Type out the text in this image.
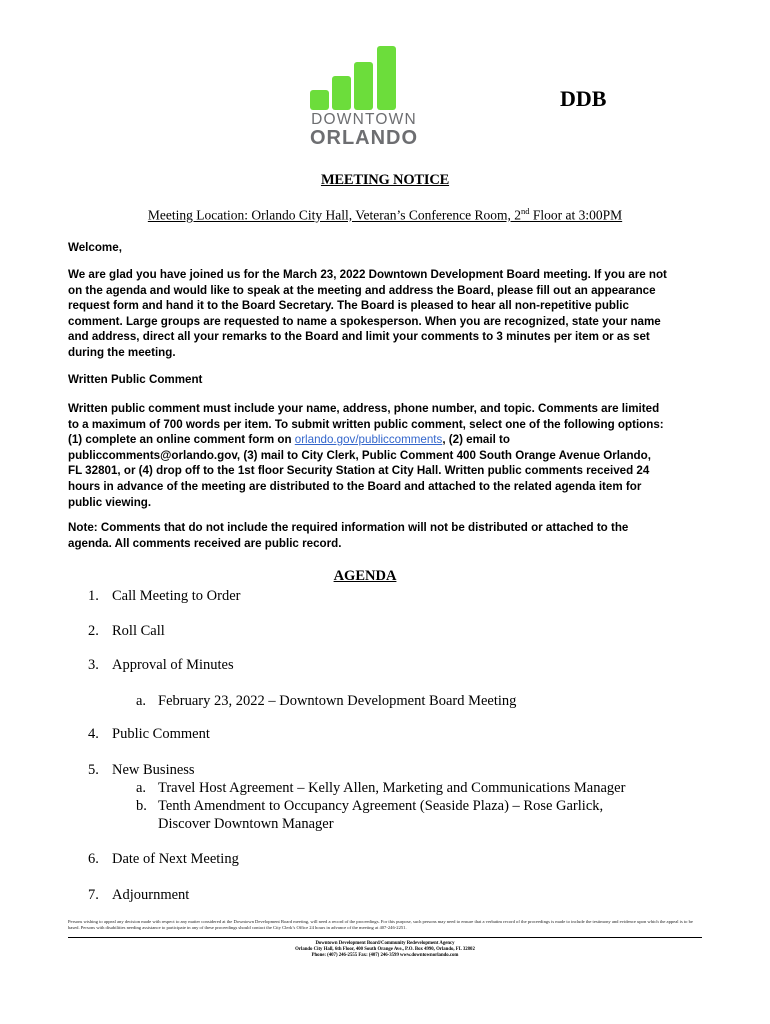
DOWNTOWN
ORLANDO
DDB
MEETING NOTICE
Meeting Location: Orlando City Hall, Veteran’s Conference Room, 2nd Floor at 3:00PM

Welcome,

We are glad you have joined us for the March 23, 2022 Downtown Development Board meeting. If you are not on the agenda and would like to speak at the meeting and address the Board, please fill out an appearance request form and hand it to the Board Secretary. The Board is pleased to hear all non-repetitive public comment. Large groups are requested to name a spokesperson. When you are recognized, state your name and address, direct all your remarks to the Board and limit your comments to 3 minutes per item or as set during the meeting.

Written Public Comment

Written public comment must include your name, address, phone number, and topic. Comments are limited to a maximum of 700 words per item. To submit written public comment, select one of the following options: (1) complete an online comment form on orlando.gov/publiccomments, (2) email to publiccomments@orlando.gov, (3) mail to City Clerk, Public Comment 400 South Orange Avenue Orlando, FL 32801, or (4) drop off to the 1st floor Security Station at City Hall. Written public comments received 24 hours in advance of the meeting are distributed to the Board and attached to the related agenda item for public viewing.

Note: Comments that do not include the required information will not be distributed or attached to the agenda. All comments received are public record.

AGENDA
1. Call Meeting to Order
2. Roll Call
3. Approval of Minutes
a. February 23, 2022 – Downtown Development Board Meeting
4. Public Comment
5. New Business
a. Travel Host Agreement – Kelly Allen, Marketing and Communications Manager
b. Tenth Amendment to Occupancy Agreement (Seaside Plaza) – Rose Garlick,
Discover Downtown Manager
6. Date of Next Meeting
7. Adjournment
Persons wishing to appeal any decision made with respect to any matter considered at the Downtown Development Board meeting, will need a record of the proceedings. For this purpose, such persons may need to ensure that a verbatim record of the proceedings is made to include the testimony and evidence upon which the appeal is to be based. Persons with disabilities needing assistance to participate in any of these proceedings should contact the City Clerk’s Office 24 hours in advance of the meeting at 407-246-2251.
Downtown Development Board/Community Redevelopment Agency
Orlando City Hall, 6th Floor, 400 South Orange Ave., P.O. Box 4990, Orlando, FL 32802
Phone: (407) 246-2555 Fax: (407) 246-3599 www.downtownorlando.com
